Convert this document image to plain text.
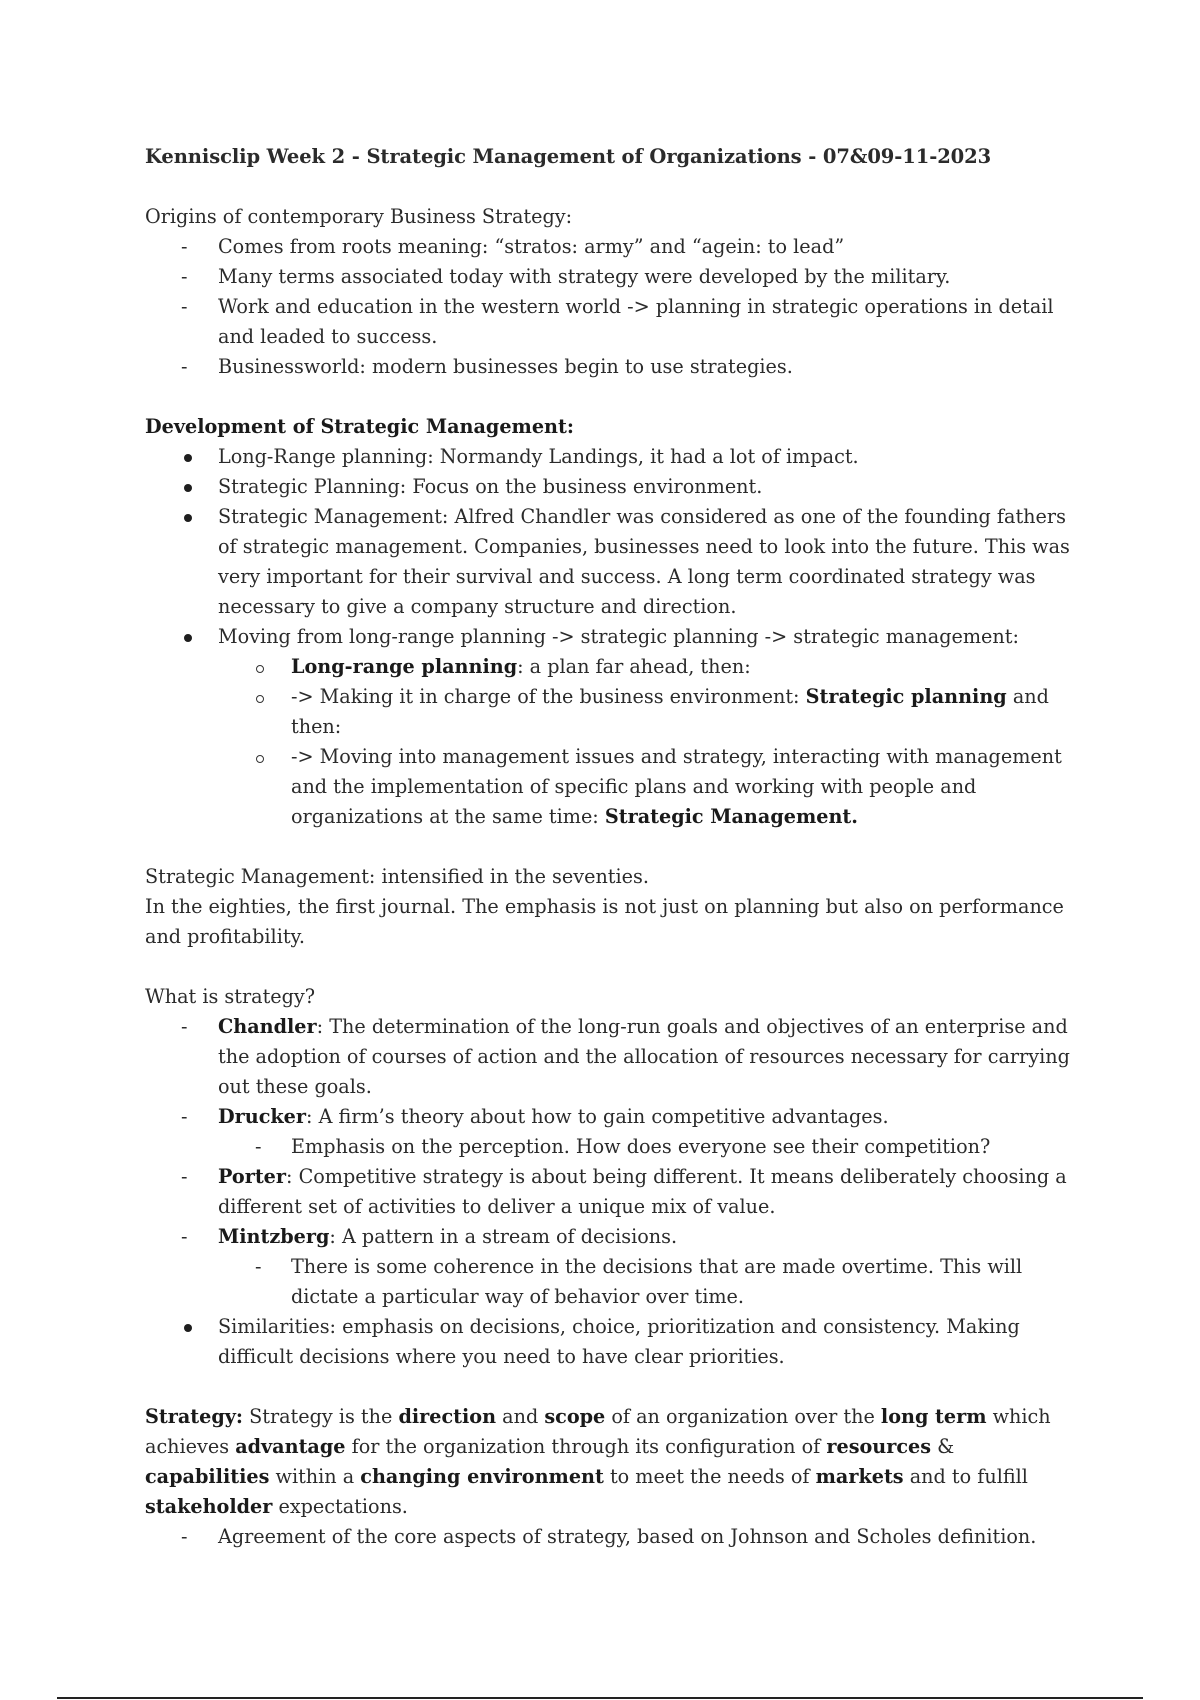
Kennisclip Week 2 - Strategic Management of Organizations - 07&09-11-2023

Origins of contemporary Business Strategy:

- Comes from roots meaning: “stratos: army” and “agein: to lead”
- Many terms associated today with strategy were developed by the military.
- Work and education in the western world -> planning in strategic operations in detail and leaded to success.
- Businessworld: modern businesses begin to use strategies.

Development of Strategic Management:

Long-Range planning: Normandy Landings, it had a lot of impact.
Strategic Planning: Focus on the business environment.
Strategic Management: Alfred Chandler was considered as one of the founding fathers of strategic management. Companies, businesses need to look into the future. This was very important for their survival and success. A long term coordinated strategy was necessary to give a company structure and direction.
Moving from long-range planning -> strategic planning -> strategic management:
Long-range planning: a plan far ahead, then:
-> Making it in charge of the business environment: Strategic planning and then:
-> Moving into management issues and strategy, interacting with management and the implementation of specific plans and working with people and organizations at the same time: Strategic Management.

Strategic Management: intensified in the seventies.

In the eighties, the first journal. The emphasis is not just on planning but also on performance and profitability.

What is strategy?

- Chandler: The determination of the long-run goals and objectives of an enterprise and the adoption of courses of action and the allocation of resources necessary for carrying out these goals.
- Drucker: A firm’s theory about how to gain competitive advantages.
- Emphasis on the perception. How does everyone see their competition?
- Porter: Competitive strategy is about being different. It means deliberately choosing a different set of activities to deliver a unique mix of value.
- Mintzberg: A pattern in a stream of decisions.
- There is some coherence in the decisions that are made overtime. This will dictate a particular way of behavior over time.
Similarities: emphasis on decisions, choice, prioritization and consistency. Making difficult decisions where you need to have clear priorities.

Strategy: Strategy is the direction and scope of an organization over the long term which achieves advantage for the organization through its configuration of resources & capabilities within a changing environment to meet the needs of markets and to fulfill stakeholder expectations.

- Agreement of the core aspects of strategy, based on Johnson and Scholes definition.
